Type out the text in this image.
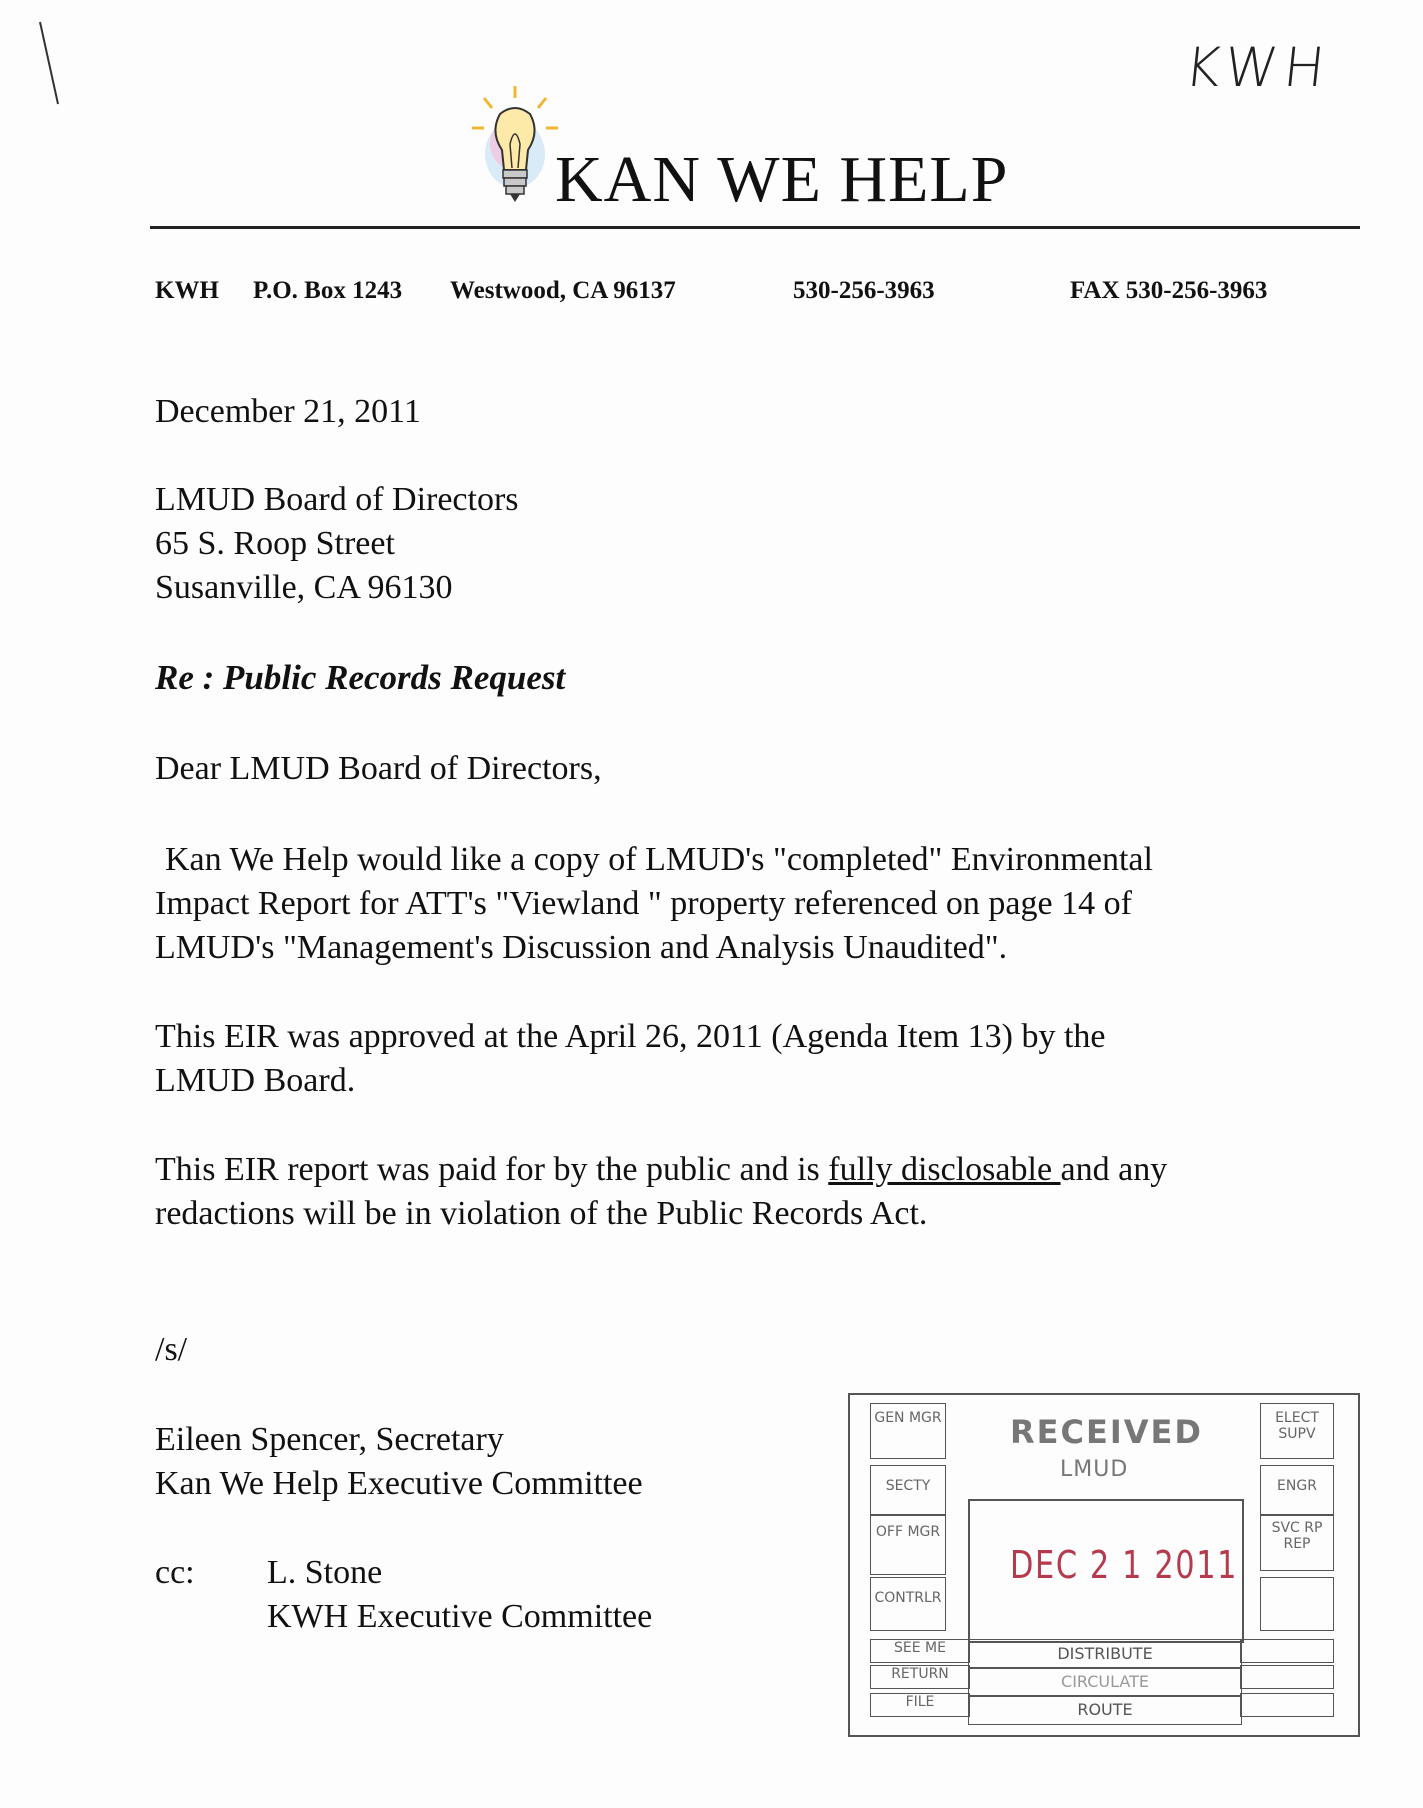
KWH
KAN WE HELP
KWH P.O. Box 1243 Westwood, CA 96137	530-256-3963	FAX 530-256-3963
December 21, 2011
LMUD Board of Directors
65 S. Roop Street
Susanville, CA 96130
Re : Public Records Request
Dear LMUD Board of Directors,
Kan We Help would like a copy of LMUD's "completed" Environmental
Impact Report for ATT's "Viewland " property referenced on page 14 of
LMUD's "Management's Discussion and Analysis Unaudited".
This EIR was approved at the April 26, 2011 (Agenda Item 13) by the
LMUD Board.
This EIR report was paid for by the public and is fully disclosable and any
redactions will be in violation of the Public Records Act.
/s/
Eileen Spencer, Secretary
Kan We Help Executive Committee
cc: L. Stone
KWH Executive Committee
RECEIVED
LMUD
DEC 2 1 2011
GEN MGR
SECTY
OFF MGR
CONTRLR
SEE ME
RETURN
FILE
ELECT SUPV
ENGR
SVC RP REP
DISTRIBUTE
CIRCULATE
ROUTE
